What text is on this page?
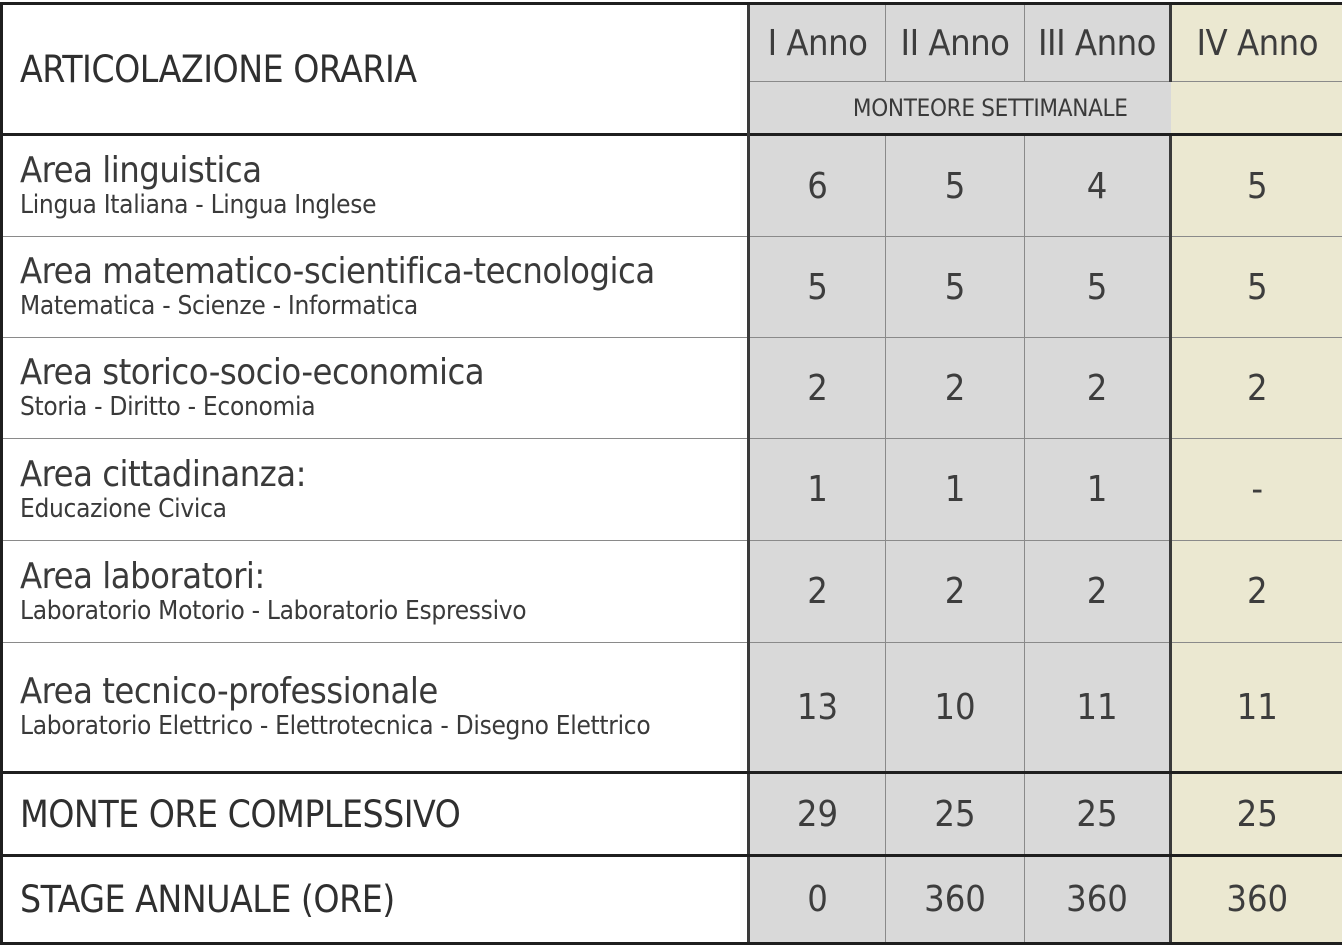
ARTICOLAZIONE ORARIA	I Anno	II Anno	III Anno	IV Anno
	MONTEORE SETTIMANALE			

Area linguistica
Lingua Italiana - Lingua Inglese	6	5	4	5

Area matematico-scientifica-tecnologica
Matematica - Scienze - Informatica	5	5	5	5

Area storico-socio-economica
Storia - Diritto - Economia	2	2	2	2

Area cittadinanza:
Educazione Civica	1	1	1	-

Area laboratori:
Laboratorio Motorio - Laboratorio Espressivo	2	2	2	2

Area tecnico-professionale
Laboratorio Elettrico - Elettrotecnica - Disegno Elettrico	13	10	11	11
MONTE ORE COMPLESSIVO	29	25	25	25
STAGE ANNUALE (ORE)	0	360	360	360
